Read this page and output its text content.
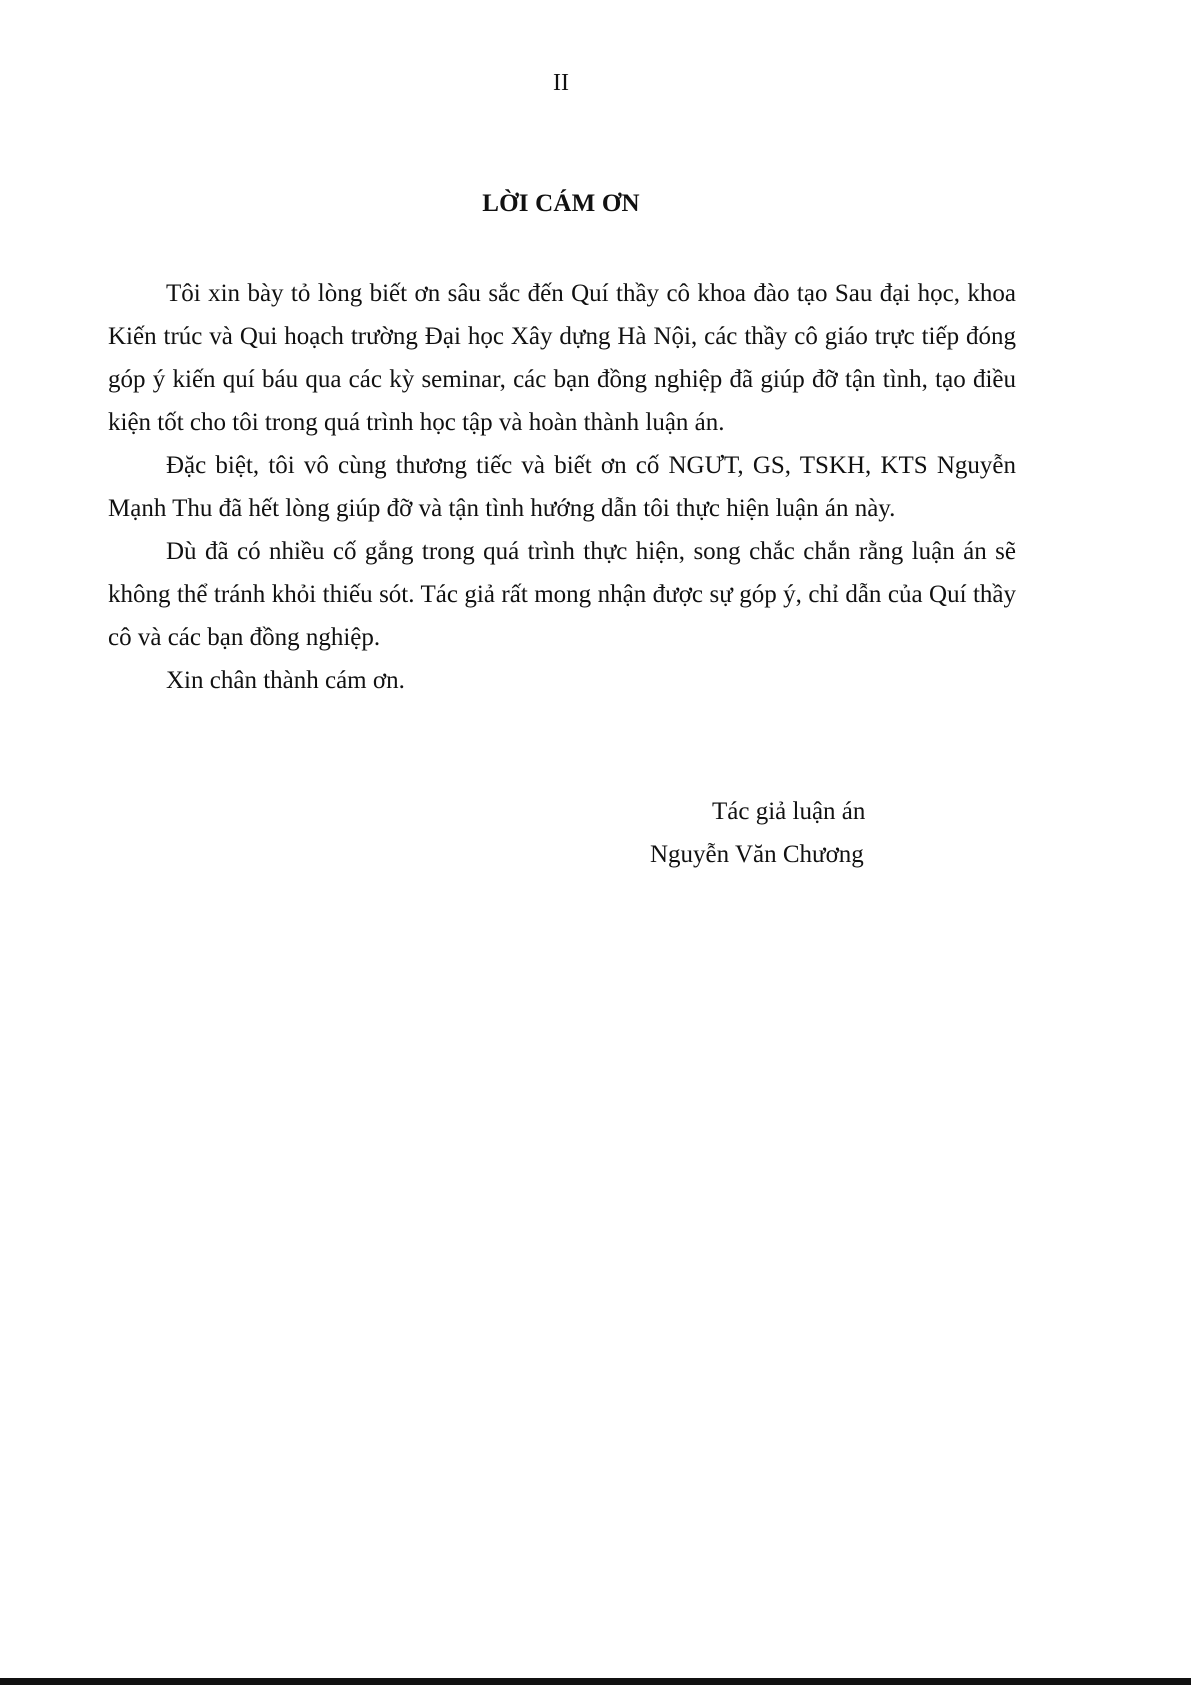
II
LỜI CÁM ƠN

Tôi xin bày tỏ lòng biết ơn sâu sắc đến Quí thầy cô khoa đào tạo Sau đại học, khoa Kiến trúc và Qui hoạch trường Đại học Xây dựng Hà Nội, các thầy cô giáo trực tiếp đóng góp ý kiến quí báu qua các kỳ seminar, các bạn đồng nghiệp đã giúp đỡ tận tình, tạo điều kiện tốt cho tôi trong quá trình học tập và hoàn thành luận án.

Đặc biệt, tôi vô cùng thương tiếc và biết ơn cố NGƯT, GS, TSKH, KTS Nguyễn Mạnh Thu đã hết lòng giúp đỡ và tận tình hướng dẫn tôi thực hiện luận án này.

Dù đã có nhiều cố gắng trong quá trình thực hiện, song chắc chắn rằng luận án sẽ không thể tránh khỏi thiếu sót. Tác giả rất mong nhận được sự góp ý, chỉ dẫn của Quí thầy cô và các bạn đồng nghiệp.

Xin chân thành cám ơn.

Tác giả luận án
Nguyễn Văn Chương
